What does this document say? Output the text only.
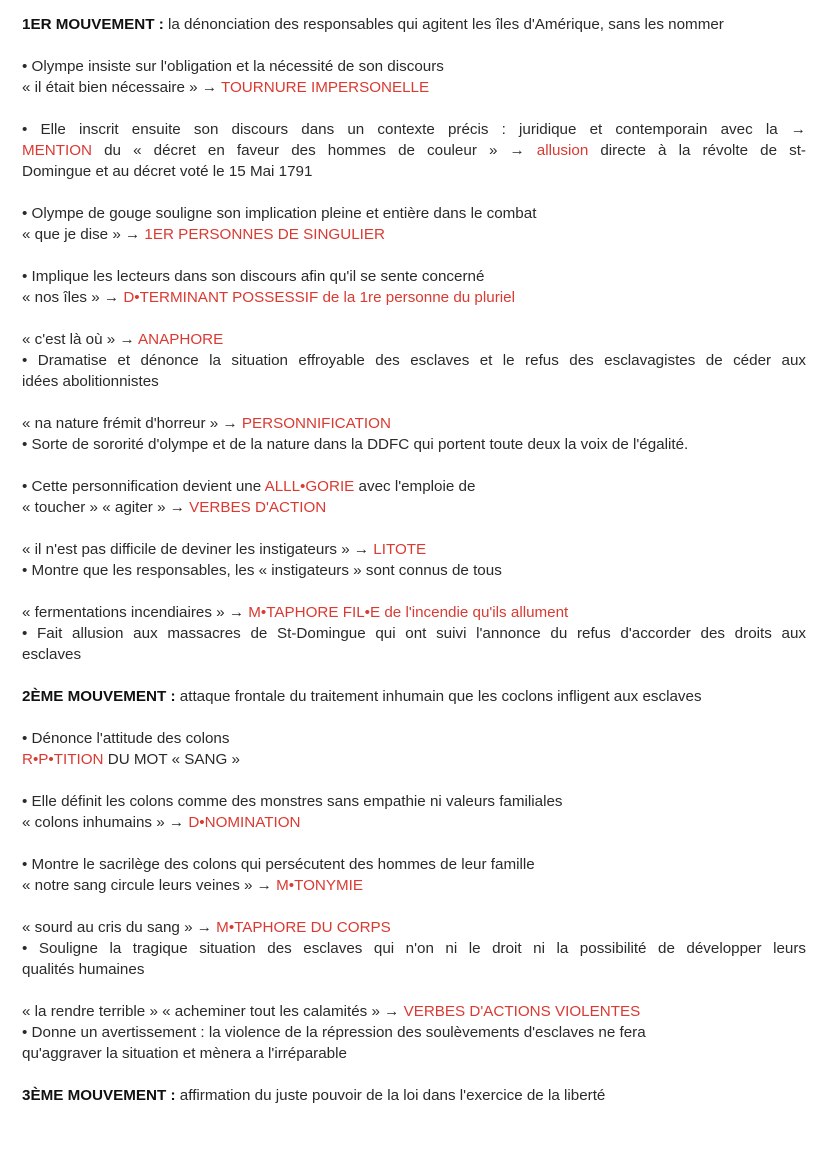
1ER MOUVEMENT : la dénonciation des responsables qui agitent les îles d'Amérique, sans les nommer
• Olympe insiste sur l'obligation et la nécessité de son discours
« il était bien nécessaire » → TOURNURE IMPERSONELLE
• Elle inscrit ensuite son discours dans un contexte précis : juridique et contemporain avec la →
MENTION du « décret en faveur des hommes de couleur » → allusion directe à la révolte de st-
Domingue et au décret voté le 15 Mai 1791
• Olympe de gouge souligne son implication pleine et entière dans le combat
« que je dise » → 1ER PERSONNES DE SINGULIER
• Implique les lecteurs dans son discours afin qu'il se sente concerné
« nos îles » → D•TERMINANT POSSESSIF de la 1re personne du pluriel
« c'est là où » → ANAPHORE
• Dramatise et dénonce la situation effroyable des esclaves et le refus des esclavagistes de céder aux
idées abolitionnistes
« na nature frémit d'horreur » → PERSONNIFICATION
• Sorte de sororité d'olympe et de la nature dans la DDFC qui portent toute deux la voix de l'égalité.
• Cette personnification devient une ALLL•GORIE avec l'emploie de
« toucher » « agiter » → VERBES D'ACTION
« il n'est pas difficile de deviner les instigateurs » → LITOTE
• Montre que les responsables, les « instigateurs » sont connus de tous
« fermentations incendiaires » → M•TAPHORE FIL•E de l'incendie qu'ils allument
• Fait allusion aux massacres de St-Domingue qui ont suivi l'annonce du refus d'accorder des droits aux
esclaves
2ÈME MOUVEMENT : attaque frontale du traitement inhumain que les coclons infligent aux esclaves
• Dénonce l'attitude des colons
R•P•TITION DU MOT « SANG »
• Elle définit les colons comme des monstres sans empathie ni valeurs familiales
« colons inhumains » → D•NOMINATION
• Montre le sacrilège des colons qui persécutent des hommes de leur famille
« notre sang circule leurs veines » → M•TONYMIE
« sourd au cris du sang » → M•TAPHORE DU CORPS
• Souligne la tragique situation des esclaves qui n'on ni le droit ni la possibilité de développer leurs
qualités humaines
« la rendre terrible » « acheminer tout les calamités » → VERBES D'ACTIONS VIOLENTES
• Donne un avertissement : la violence de la répression des soulèvements d'esclaves ne fera
qu'aggraver la situation et mènera a l'irréparable
3ÈME MOUVEMENT : affirmation du juste pouvoir de la loi dans l'exercice de la liberté
